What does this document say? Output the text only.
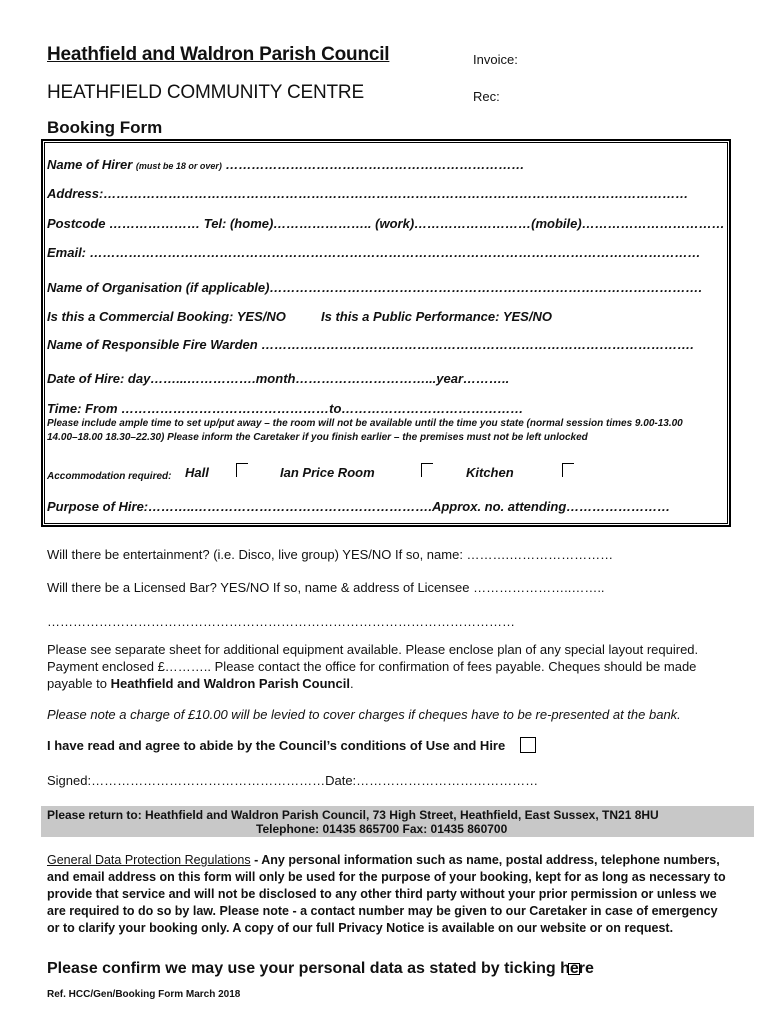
Heathfield and Waldron Parish Council	Invoice:
HEATHFIELD COMMUNITY CENTRE	Rec:
Booking Form
Name of Hirer (must be 18 or over) ……………………………………………………………
Address:………………………………………………………………………………………………………………………
Postcode ………………… Tel: (home)………………….. (work)………………………(mobile)……………………………
Email: ……………………………………………………………………………………………………………………………
Name of Organisation (if applicable)……………………………………………………………………………………….
Is this a Commercial Booking: YES/NO	Is this a Public Performance: YES/NO
Name of Responsible Fire Warden ……………………………………………………………………………………….
Date of Hire: day……...…………….month…………………………...year………..
Time: From …………………………………………to……………………………………
Please include ample time to set up/put away – the room will not be available until the time you state (normal session times 9.00-13.00
14.00–18.00 18.30–22.30) Please inform the Caretaker if you finish earlier – the premises must not be left unlocked
Accommodation required: Hall	Ian Price Room	Kitchen
Purpose of Hire:………..……………………………………………….Approx. no. attending……………………
Will there be entertainment? (i.e. Disco, live group) YES/NO If so, name: ……….……………………
Will there be a Licensed Bar? YES/NO If so, name & address of Licensee …………………..……..
………………………………………………………………………………………………
Please see separate sheet for additional equipment available. Please enclose plan of any special layout required.
Payment enclosed £……….. Please contact the office for confirmation of fees payable. Cheques should be made
payable to Heathfield and Waldron Parish Council.
Please note a charge of £10.00 will be levied to cover charges if cheques have to be re-presented at the bank.
I have read and agree to abide by the Council’s conditions of Use and Hire
Signed:………………………………………………Date:……………………………………
Please return to: Heathfield and Waldron Parish Council, 73 High Street, Heathfield, East Sussex, TN21 8HU
Telephone: 01435 865700 Fax: 01435 860700
General Data Protection Regulations - Any personal information such as name, postal address, telephone numbers, and email address on this form will only be used for the purpose of your booking, kept for as long as necessary to provide that service and will not be disclosed to any other third party without your prior permission or unless we are required to do so by law. Please note - a contact number may be given to our Caretaker in case of emergency or to clarify your booking only. A copy of our full Privacy Notice is available on our website or on request.
Please confirm we may use your personal data as stated by ticking here
Ref. HCC/Gen/Booking Form March 2018
